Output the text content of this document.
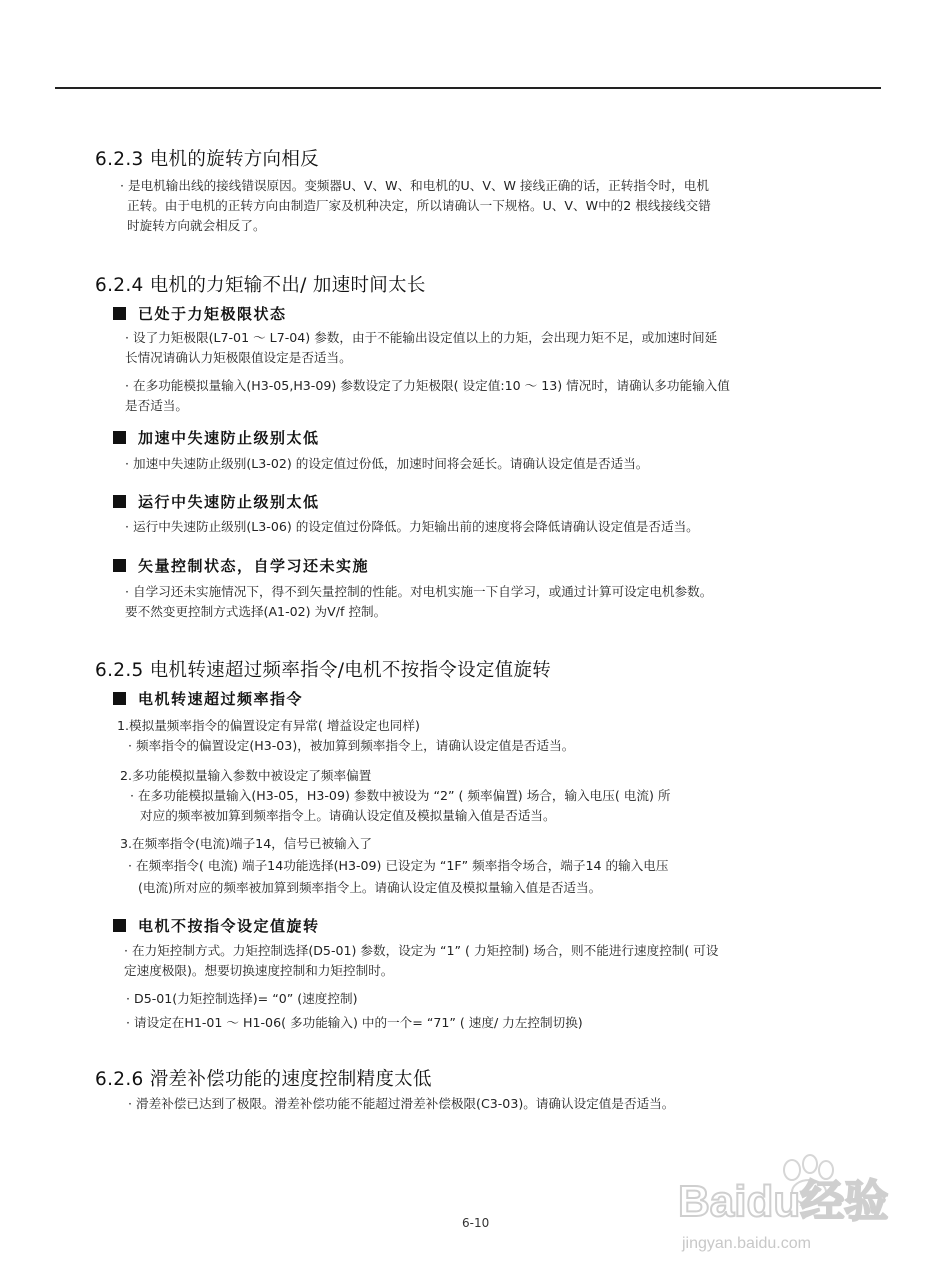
6.2.3 电机的旋转方向相反
· 是电机输出线的接线错误原因。变频器U、V、W、和电机的U、V、W 接线正确的话，正转指令时，电机
正转。由于电机的正转方向由制造厂家及机种决定，所以请确认一下规格。U、V、W中的2 根线接线交错
时旋转方向就会相反了。
6.2.4 电机的力矩输不出/ 加速时间太长
已处于力矩极限状态
· 设了力矩极限(L7-01 ～ L7-04) 参数，由于不能输出设定值以上的力矩，会出现力矩不足，或加速时间延
长情况请确认力矩极限值设定是否适当。
· 在多功能模拟量输入(H3-05,H3-09) 参数设定了力矩极限( 设定值:10 ～ 13) 情况时，请确认多功能输入值
是否适当。
加速中失速防止级别太低
· 加速中失速防止级别(L3-02) 的设定值过份低，加速时间将会延长。请确认设定值是否适当。
运行中失速防止级别太低
· 运行中失速防止级别(L3-06) 的设定值过份降低。力矩输出前的速度将会降低请确认设定值是否适当。
矢量控制状态，自学习还未实施
· 自学习还未实施情况下，得不到矢量控制的性能。对电机实施一下自学习，或通过计算可设定电机参数。
要不然变更控制方式选择(A1-02) 为V/f 控制。
6.2.5 电机转速超过频率指令/电机不按指令设定值旋转
电机转速超过频率指令
1.模拟量频率指令的偏置设定有异常( 增益设定也同样)
· 频率指令的偏置设定(H3-03)，被加算到频率指令上，请确认设定值是否适当。
2.多功能模拟量输入参数中被设定了频率偏置
· 在多功能模拟量输入(H3-05，H3-09) 参数中被设为 “2” ( 频率偏置) 场合，输入电压( 电流) 所
对应的频率被加算到频率指令上。请确认设定值及模拟量输入值是否适当。
3.在频率指令(电流)端子14，信号已被输入了
· 在频率指令( 电流) 端子14功能选择(H3-09) 已设定为 “1F” 频率指令场合，端子14 的输入电压
(电流)所对应的频率被加算到频率指令上。请确认设定值及模拟量输入值是否适当。
电机不按指令设定值旋转
· 在力矩控制方式。力矩控制选择(D5-01) 参数，设定为 “1” ( 力矩控制) 场合，则不能进行速度控制( 可设
定速度极限)。想要切换速度控制和力矩控制时。
· D5-01(力矩控制选择)= “0” (速度控制)
· 请设定在H1-01 ～ H1-06( 多功能输入) 中的一个= “71” ( 速度/ 力左控制切换)
6.2.6 滑差补偿功能的速度控制精度太低
· 滑差补偿已达到了极限。滑差补偿功能不能超过滑差补偿极限(C3-03)。请确认设定值是否适当。
6-10	Baidu经验
jingyan.baidu.com
